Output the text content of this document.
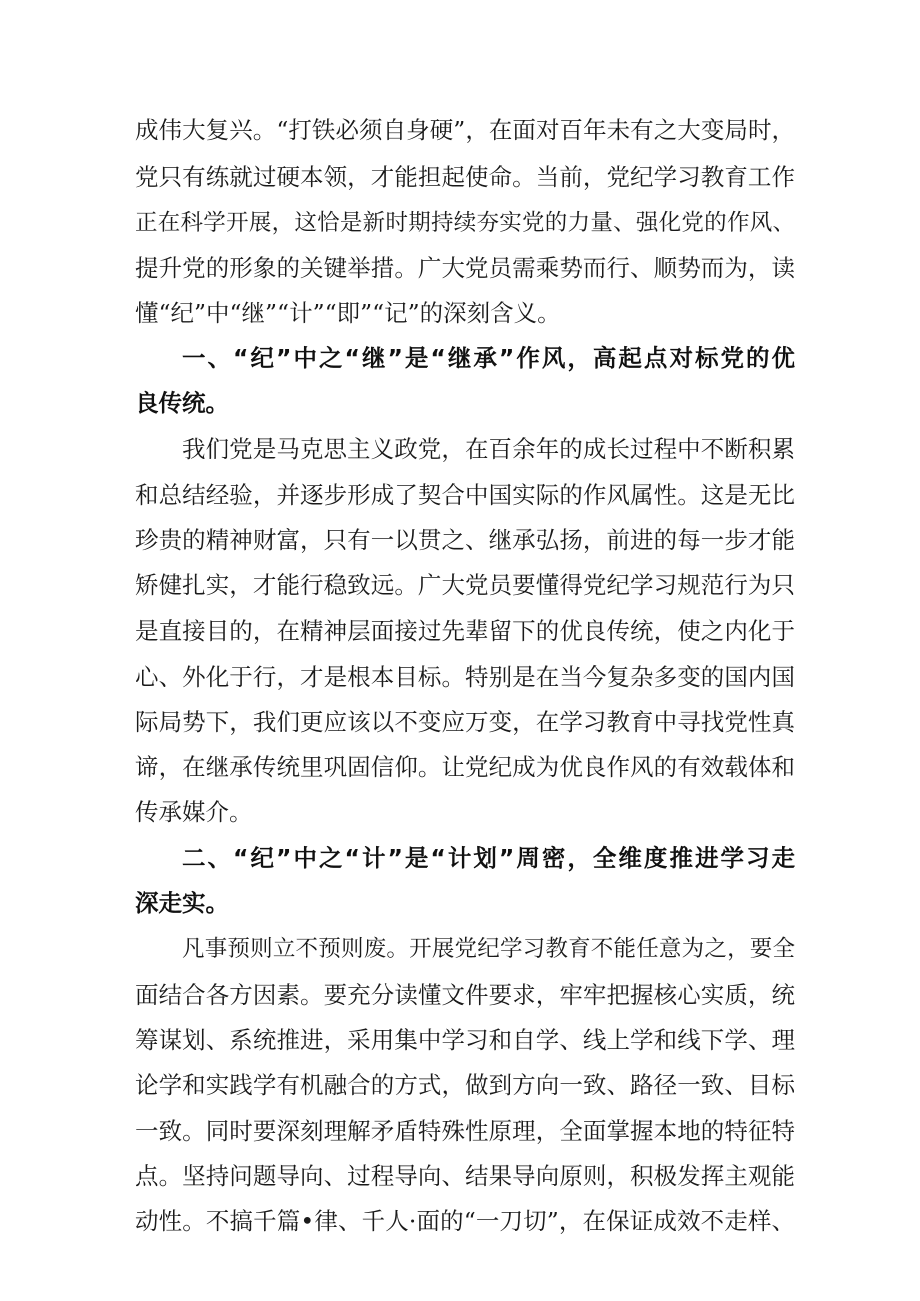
成伟大复兴。“打铁必须自身硬”，在面对百年未有之大变局时，
党只有练就过硬本领，才能担起使命。当前，党纪学习教育工作
正在科学开展，这恰是新时期持续夯实党的力量、强化党的作风、
提升党的形象的关键举措。广大党员需乘势而行、顺势而为，读
懂“纪”中“继”“计”“即”“记”的深刻含义。
一、“纪”中之“继”是“继承”作风，高起点对标党的优
良传统。
我们党是马克思主义政党，在百余年的成长过程中不断积累
和总结经验，并逐步形成了契合中国实际的作风属性。这是无比
珍贵的精神财富，只有一以贯之、继承弘扬，前进的每一步才能
矫健扎实，才能行稳致远。广大党员要懂得党纪学习规范行为只
是直接目的，在精神层面接过先辈留下的优良传统，使之内化于
心、外化于行，才是根本目标。特别是在当今复杂多变的国内国
际局势下，我们更应该以不变应万变，在学习教育中寻找党性真
谛，在继承传统里巩固信仰。让党纪成为优良作风的有效载体和
传承媒介。
二、“纪”中之“计”是“计划”周密，全维度推进学习走
深走实。
凡事预则立不预则废。开展党纪学习教育不能任意为之，要全
面结合各方因素。要充分读懂文件要求，牢牢把握核心实质，统
筹谋划、系统推进，采用集中学习和自学、线上学和线下学、理
论学和实践学有机融合的方式，做到方向一致、路径一致、目标
一致。同时要深刻理解矛盾特殊性原理，全面掌握本地的特征特
点。坚持问题导向、过程导向、结果导向原则，积极发挥主观能
动性。不搞千篇•律、千人·面的“一刀切”，在保证成效不走样、
